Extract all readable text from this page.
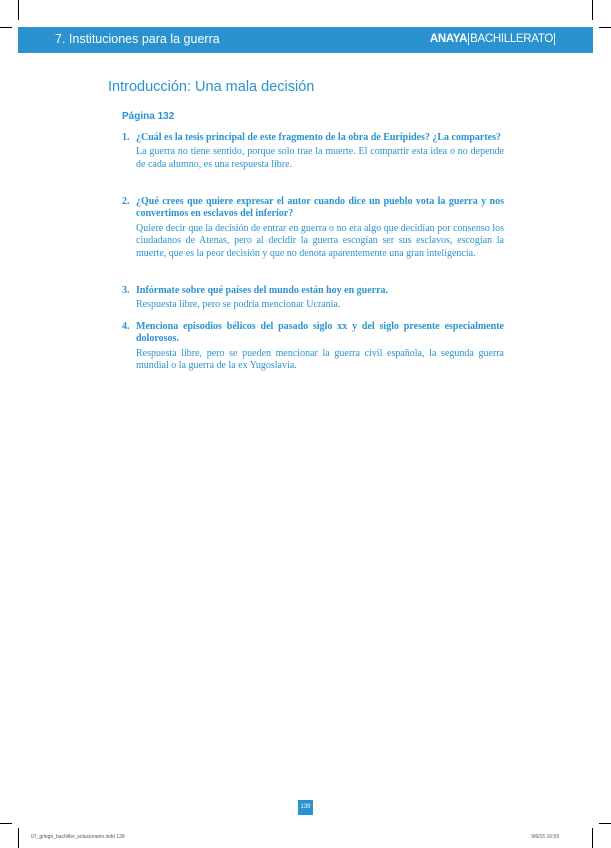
7. Instituciones para la guerra	ANAYA BACHILLERATO
Introducción: Una mala decisión
Página 132
1. ¿Cuál es la tesis principal de este fragmento de la obra de Eurípides? ¿La compartes?
La guerra no tiene sentido, porque solo trae la muerte. El compartir esta idea o no depende de cada alumno, es una respuesta libre.
2. ¿Qué crees que quiere expresar el autor cuando dice un pueblo vota la guerra y nos convertimos en esclavos del inferior?
Quiere decir que la decisión de entrar en guerra o no era algo que decidían por consenso los ciudadanos de Atenas, pero al decidir la guerra escogían ser sus esclavos, escogían la muerte, que es la peor decisión y que no denota aparentemente una gran inteligencia.
3. Infórmate sobre qué países del mundo están hoy en guerra.
Respuesta libre, pero se podría mencionar Ucrania.
4. Menciona episodios bélicos del pasado siglo xx y del siglo presente especialmente dolorosos.
Respuesta libre, pero se pueden mencionar la guerra civil española, la segunda guerra mundial o la guerra de la ex Yugoslavia.
139
07_griego_bachiller_solucionario.indd 139	9/6/15 16:59
